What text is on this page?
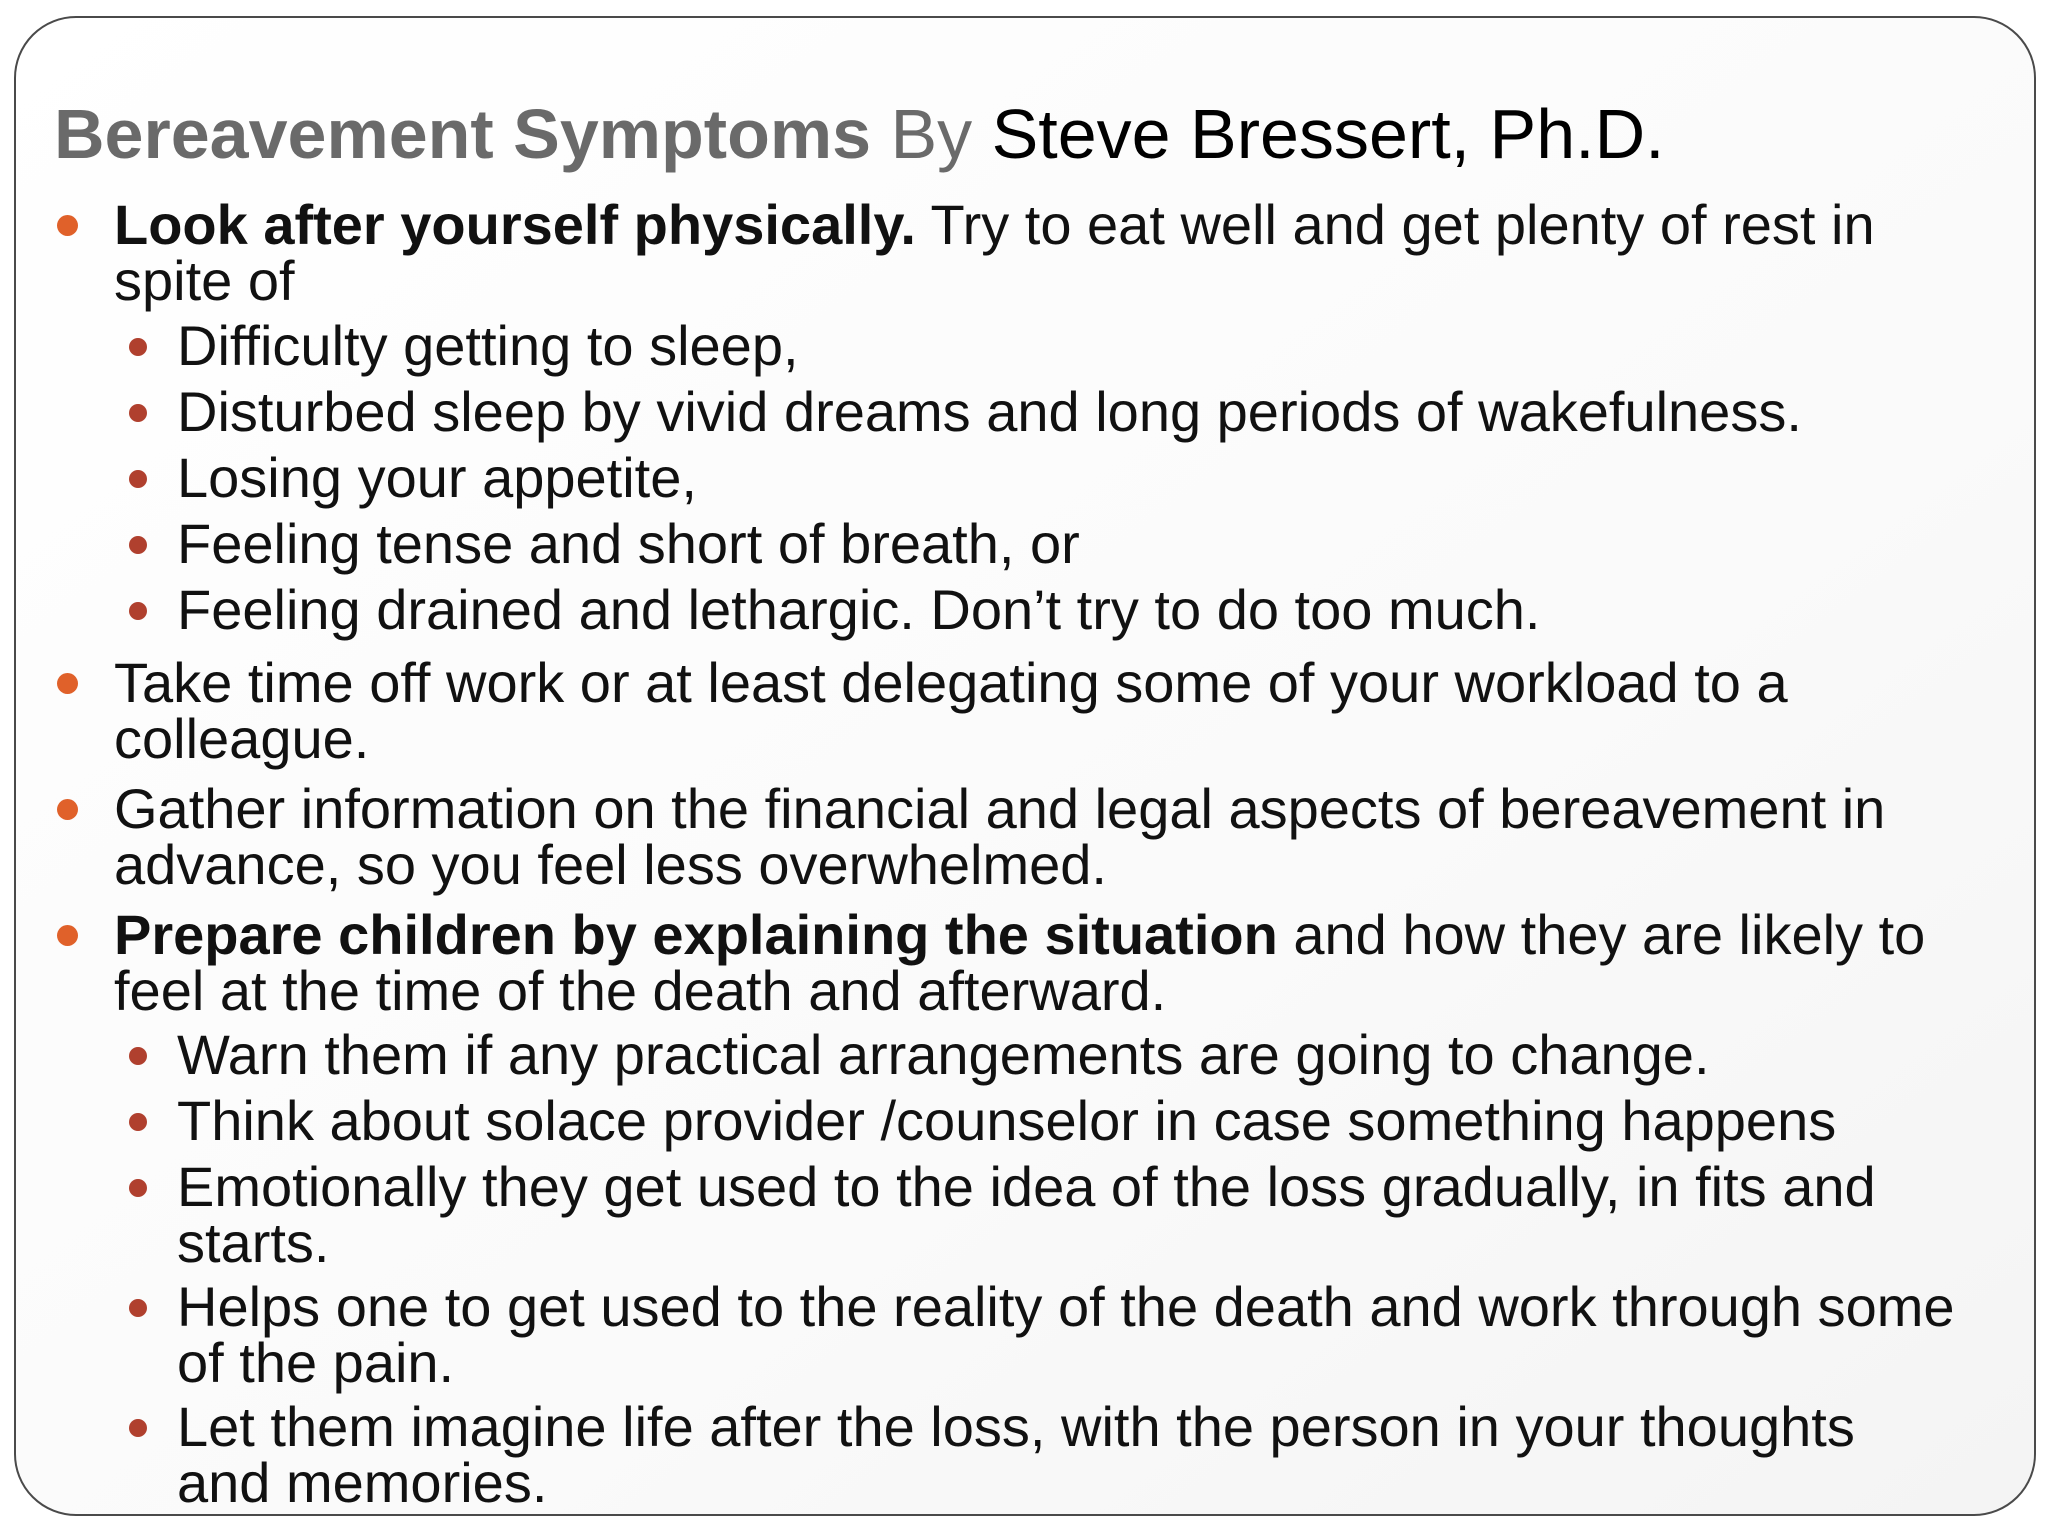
Bereavement Symptoms By Steve Bressert, Ph.D.
Look after yourself physically. Try to eat well and get plenty of rest in spite of
Difficulty getting to sleep,
Disturbed sleep by vivid dreams and long periods of wakefulness.
Losing your appetite,
Feeling tense and short of breath, or
Feeling drained and lethargic. Don’t try to do too much.
Take time off work or at least delegating some of your workload to a colleague.
Gather information on the financial and legal aspects of bereavement in advance, so you feel less overwhelmed.
Prepare children by explaining the situation and how they are likely to feel at the time of the death and afterward.
Warn them if any practical arrangements are going to change.
Think about solace provider /counselor in case something happens
Emotionally they get used to the idea of the loss gradually, in fits and starts.
Helps one to get used to the reality of the death and work through some of the pain.
Let them imagine life after the loss, with the person in your thoughts and memories.
